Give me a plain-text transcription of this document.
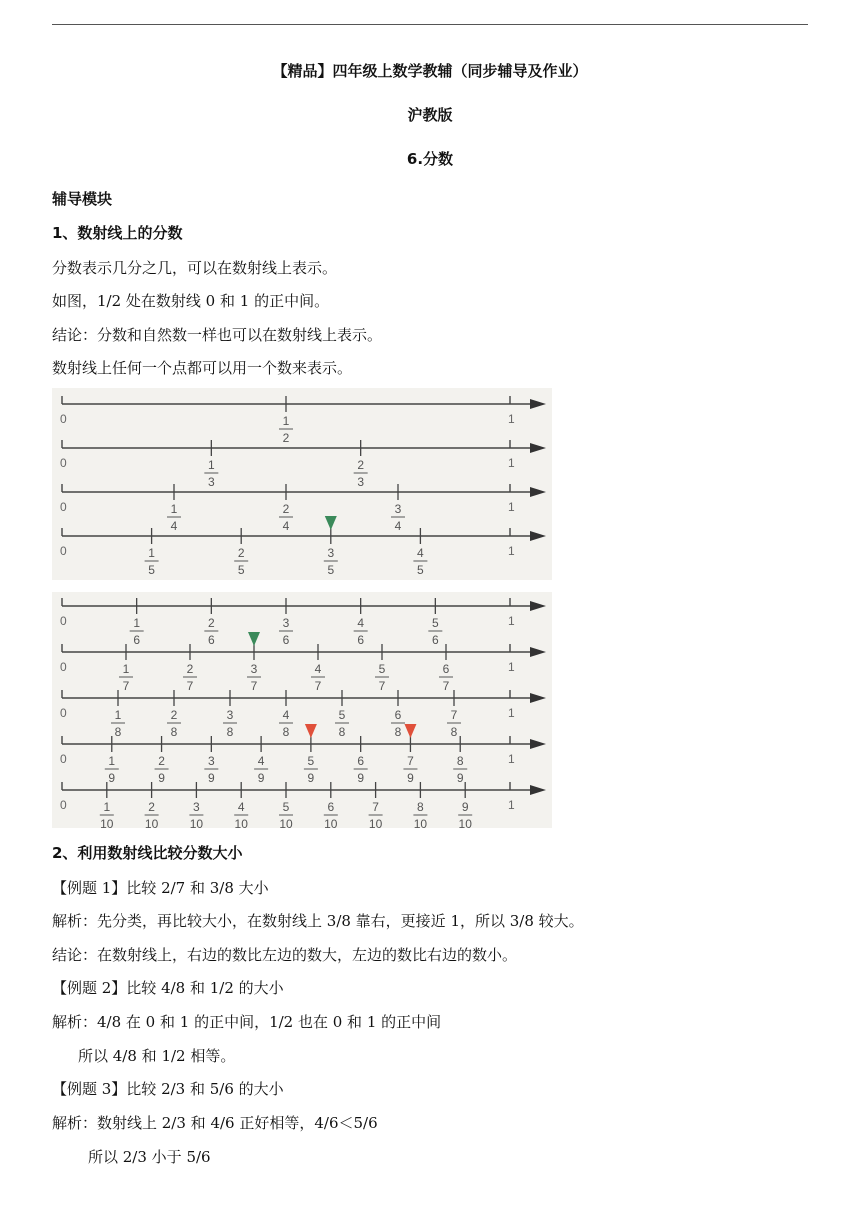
【精品】四年级上数学教辅（同步辅导及作业）
沪教版
6.分数
辅导模块
1、数射线上的分数
分数表示几分之几，可以在数射线上表示。
如图，1/2 处在数射线 0 和 1 的正中间。
结论：分数和自然数一样也可以在数射线上表示。
数射线上任何一个点都可以用一个数来表示。
0	1
1
2
0	1
1
3
2
3
0	1
1
4
2
4
3
4
0	1
1
5
2
5
3
5
4
5
0	1
1
6
2
6
3
6
4
6
5
6
0	1
1
7
2
7
3
7
4
7
5
7
6
7
0	1
1
8
2
8
3
8
4
8
5
8
6
8
7
8
0	1
1
9
2
9
3
9
4
9
5
9
6
9
7
9
8
9
0	1
1
10
2
10
3
10
4
10
5
10
6
10
7
10
8
10
9
10
2、利用数射线比较分数大小
【例题 1】比较 2/7 和 3/8 大小
解析：先分类，再比较大小，在数射线上 3/8 靠右，更接近 1，所以 3/8 较大。
结论：在数射线上，右边的数比左边的数大，左边的数比右边的数小。
【例题 2】比较 4/8 和 1/2 的大小
解析：4/8 在 0 和 1 的正中间，1/2 也在 0 和 1 的正中间
所以 4/8 和 1/2 相等。
【例题 3】比较 2/3 和 5/6 的大小
解析：数射线上 2/3 和 4/6 正好相等，4/6＜5/6
所以 2/3 小于 5/6
